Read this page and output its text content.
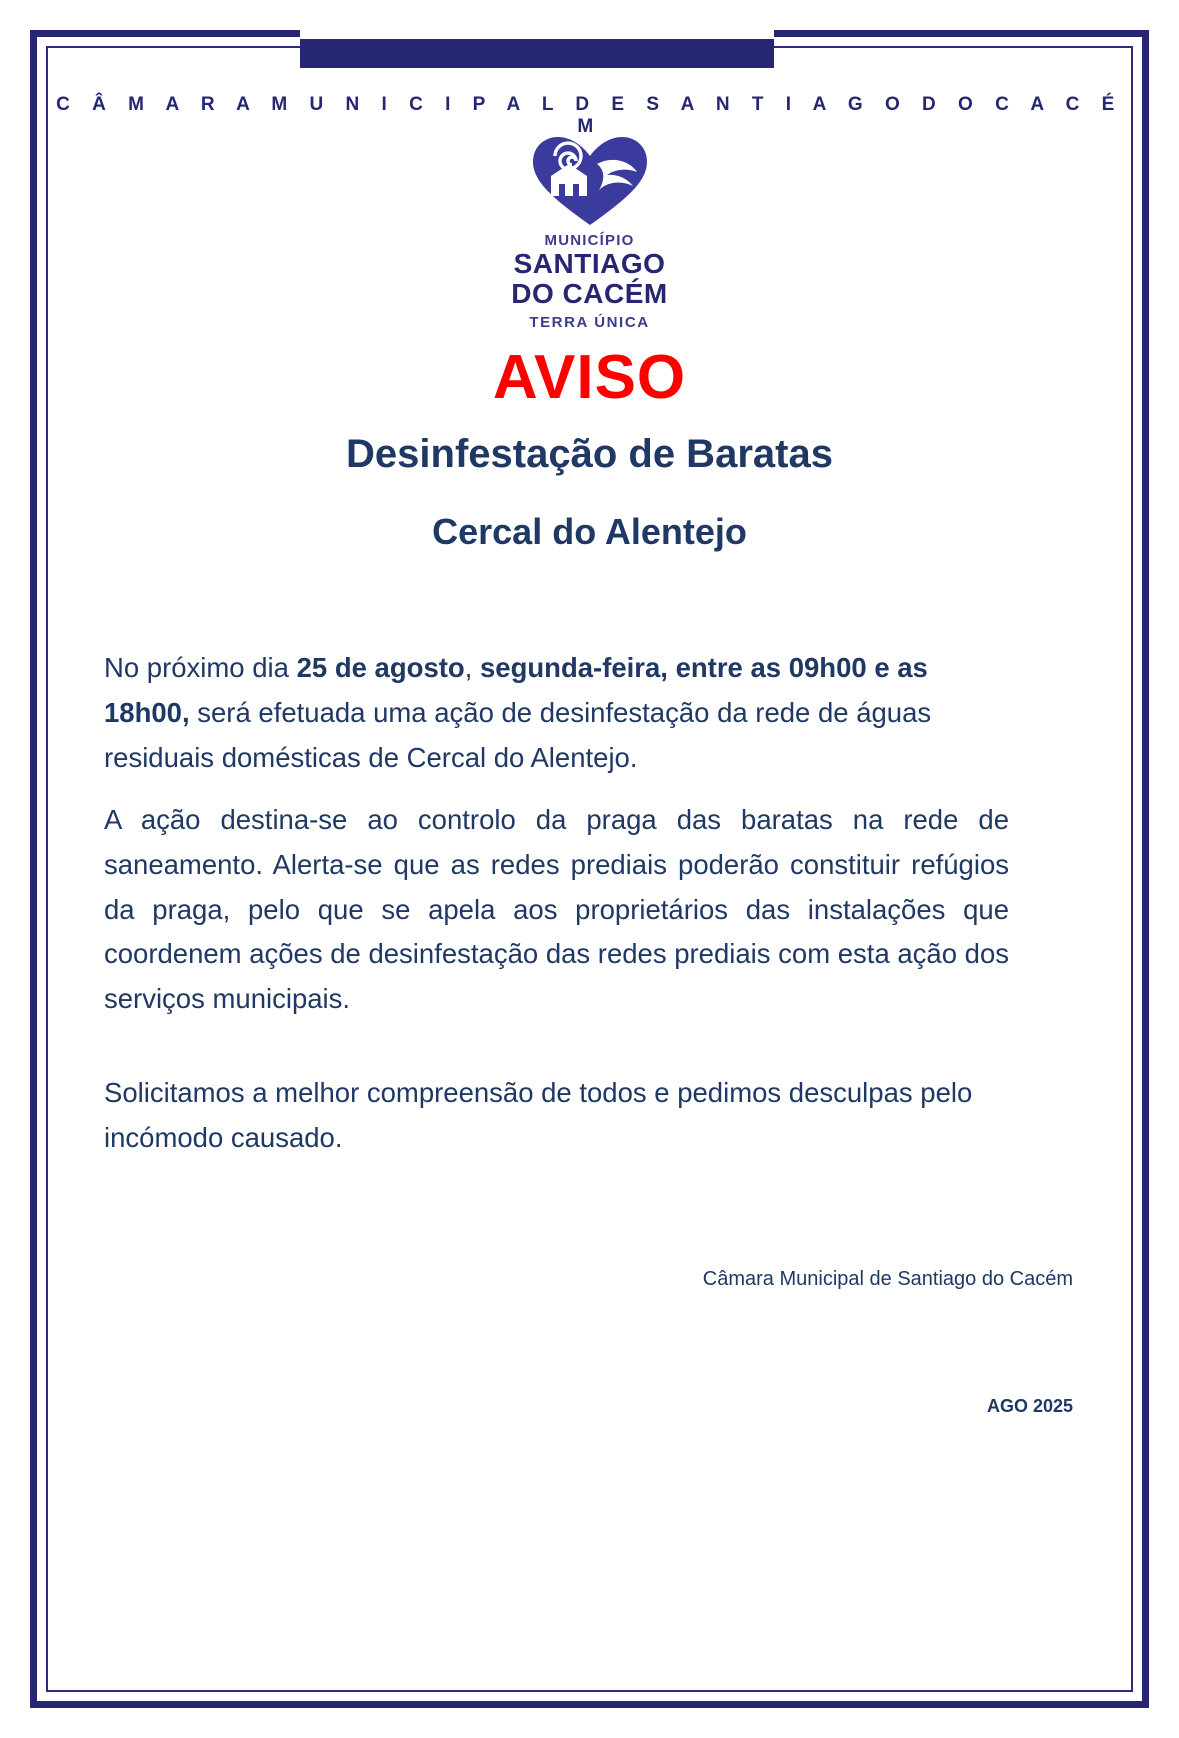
C Â M A R A M U N I C I P A L D E S A N T I A G O D O C A C É M
MUNICÍPIO
SANTIAGO
DO CACÉM
TERRA ÚNICA
AVISO
Desinfestação de Baratas
Cercal do Alentejo
No próximo dia 25 de agosto, segunda-feira, entre as 09h00 e as 18h00, será efetuada uma ação de desinfestação da rede de águas residuais domésticas de Cercal do Alentejo.
A ação destina-se ao controlo da praga das baratas na rede de saneamento. Alerta-se que as redes prediais poderão constituir refúgios da praga, pelo que se apela aos proprietários das instalações que coordenem ações de desinfestação das redes prediais com esta ação dos serviços municipais.
Solicitamos a melhor compreensão de todos e pedimos desculpas pelo incómodo causado.
Câmara Municipal de Santiago do Cacém
AGO 2025
